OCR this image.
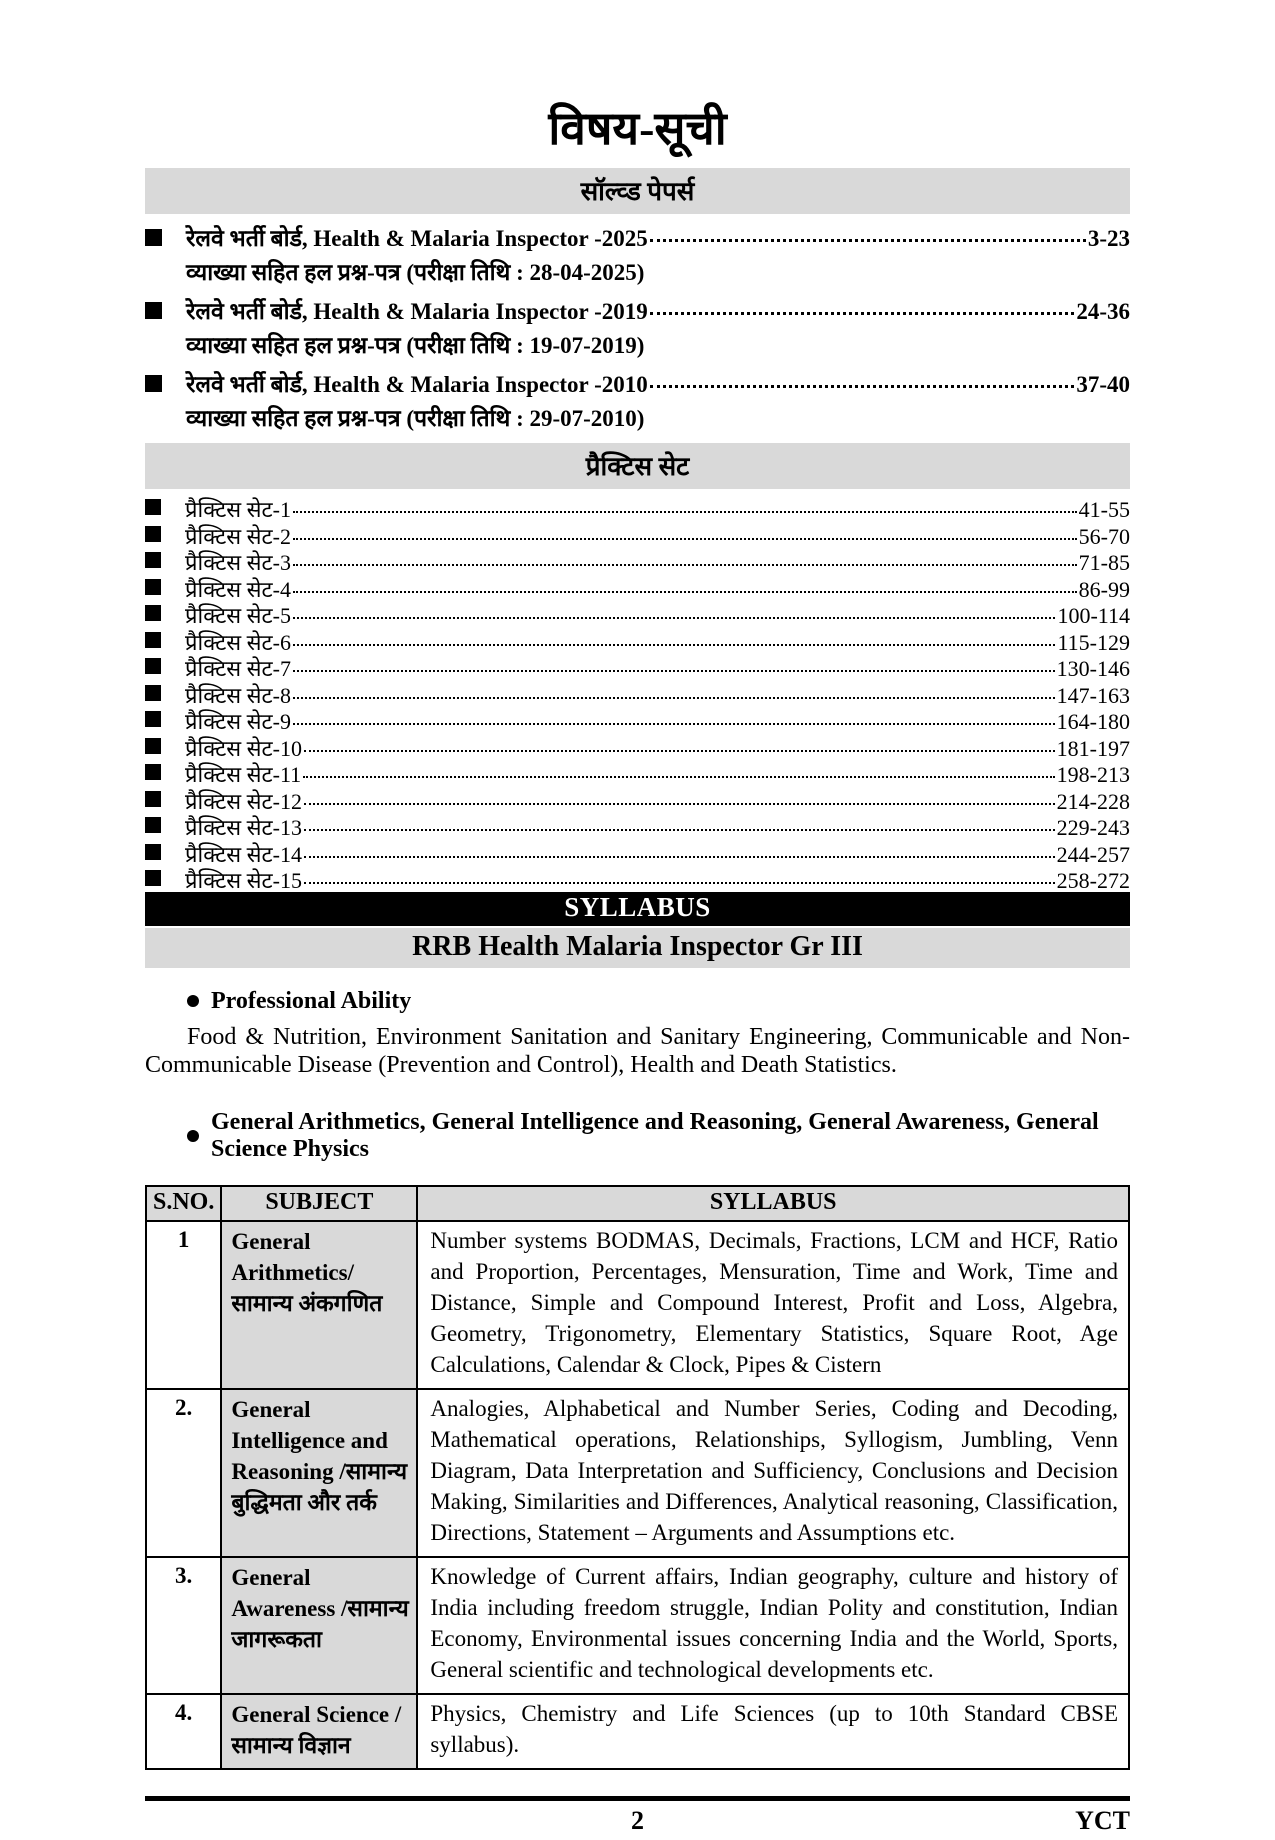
विषय-सूची
सॉल्व्ड पेपर्स
रेलवे भर्ती बोर्ड, Health & Malaria Inspector -2025	3-23
व्याख्या सहित हल प्रश्न-पत्र (परीक्षा तिथि : 28-04-2025)
रेलवे भर्ती बोर्ड, Health & Malaria Inspector -2019	24-36
व्याख्या सहित हल प्रश्न-पत्र (परीक्षा तिथि : 19-07-2019)
रेलवे भर्ती बोर्ड, Health & Malaria Inspector -2010	37-40
व्याख्या सहित हल प्रश्न-पत्र (परीक्षा तिथि : 29-07-2010)
प्रैक्टिस सेट
प्रैक्टिस सेट-1	41-55
प्रैक्टिस सेट-2	56-70
प्रैक्टिस सेट-3	71-85
प्रैक्टिस सेट-4	86-99
प्रैक्टिस सेट-5	100-114
प्रैक्टिस सेट-6	115-129
प्रैक्टिस सेट-7	130-146
प्रैक्टिस सेट-8	147-163
प्रैक्टिस सेट-9	164-180
प्रैक्टिस सेट-10	181-197
प्रैक्टिस सेट-11	198-213
प्रैक्टिस सेट-12	214-228
प्रैक्टिस सेट-13	229-243
प्रैक्टिस सेट-14	244-257
प्रैक्टिस सेट-15	258-272
SYLLABUS
RRB Health Malaria Inspector Gr III
Professional Ability
Food & Nutrition, Environment Sanitation and Sanitary Engineering, Communicable and Non-Communicable Disease (Prevention and Control), Health and Death Statistics.
General Arithmetics, General Intelligence and Reasoning, General Awareness, General Science Physics
S.NO.	SUBJECT	SYLLABUS
1	General Arithmetics/सामान्य अंकगणित	Number systems BODMAS, Decimals, Fractions, LCM and HCF, Ratio and Proportion, Percentages, Mensuration, Time and Work, Time and Distance, Simple and Compound Interest, Profit and Loss, Algebra, Geometry, Trigonometry, Elementary Statistics, Square Root, Age Calculations, Calendar & Clock, Pipes & Cistern
2.	General Intelligence and Reasoning /सामान्य बुद्धिमता और तर्क	Analogies, Alphabetical and Number Series, Coding and Decoding, Mathematical operations, Relationships, Syllogism, Jumbling, Venn Diagram, Data Interpretation and Sufficiency, Conclusions and Decision Making, Similarities and Differences, Analytical reasoning, Classification, Directions, Statement – Arguments and Assumptions etc.
3.	General Awareness /सामान्य जागरूकता	Knowledge of Current affairs, Indian geography, culture and history of India including freedom struggle, Indian Polity and constitution, Indian Economy, Environmental issues concerning India and the World, Sports, General scientific and technological developments etc.
4.	General Science /सामान्य विज्ञान	Physics, Chemistry and Life Sciences (up to 10th Standard CBSE syllabus).
2	YCT
